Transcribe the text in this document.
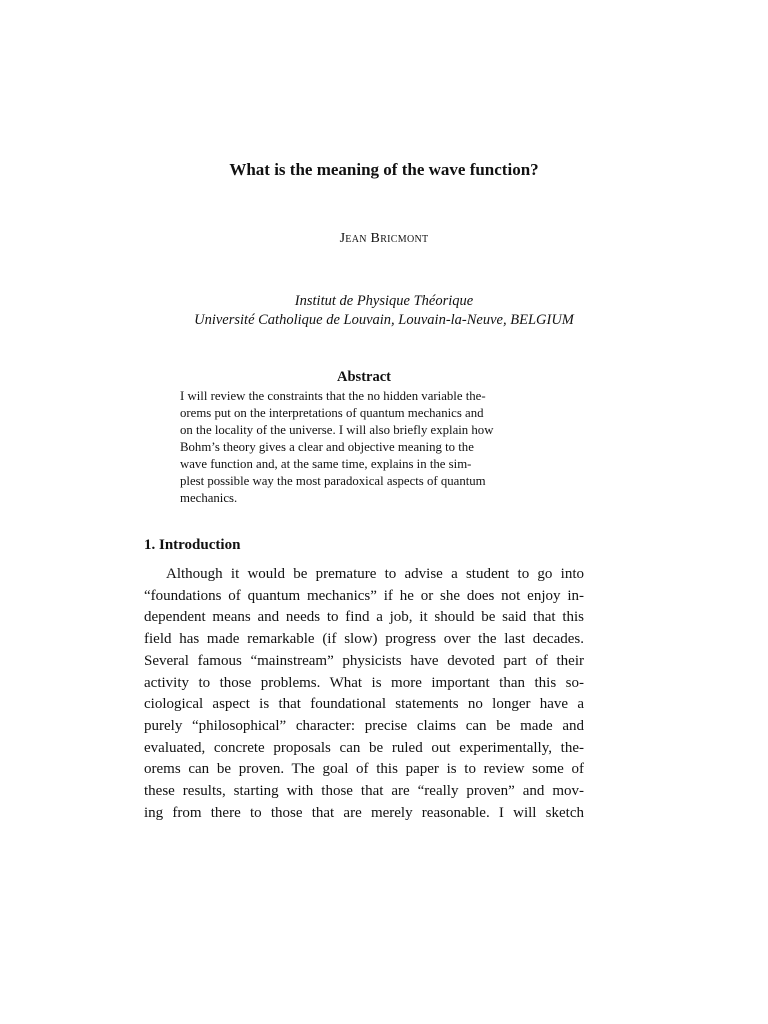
What is the meaning of the wave function?
Jean Bricmont
Institut de Physique Théorique
Université Catholique de Louvain, Louvain-la-Neuve, BELGIUM
Abstract
I will review the constraints that the no hidden variable the-
orems put on the interpretations of quantum mechanics and
on the locality of the universe. I will also briefly explain how
Bohm’s theory gives a clear and objective meaning to the
wave function and, at the same time, explains in the sim-
plest possible way the most paradoxical aspects of quantum
mechanics.
1. Introduction
Although it would be premature to advise a student to go into
“foundations of quantum mechanics” if he or she does not enjoy in-
dependent means and needs to find a job, it should be said that this
field has made remarkable (if slow) progress over the last decades.
Several famous “mainstream” physicists have devoted part of their
activity to those problems. What is more important than this so-
ciological aspect is that foundational statements no longer have a
purely “philosophical” character: precise claims can be made and
evaluated, concrete proposals can be ruled out experimentally, the-
orems can be proven. The goal of this paper is to review some of
these results, starting with those that are “really proven” and mov-
ing from there to those that are merely reasonable. I will sketch
